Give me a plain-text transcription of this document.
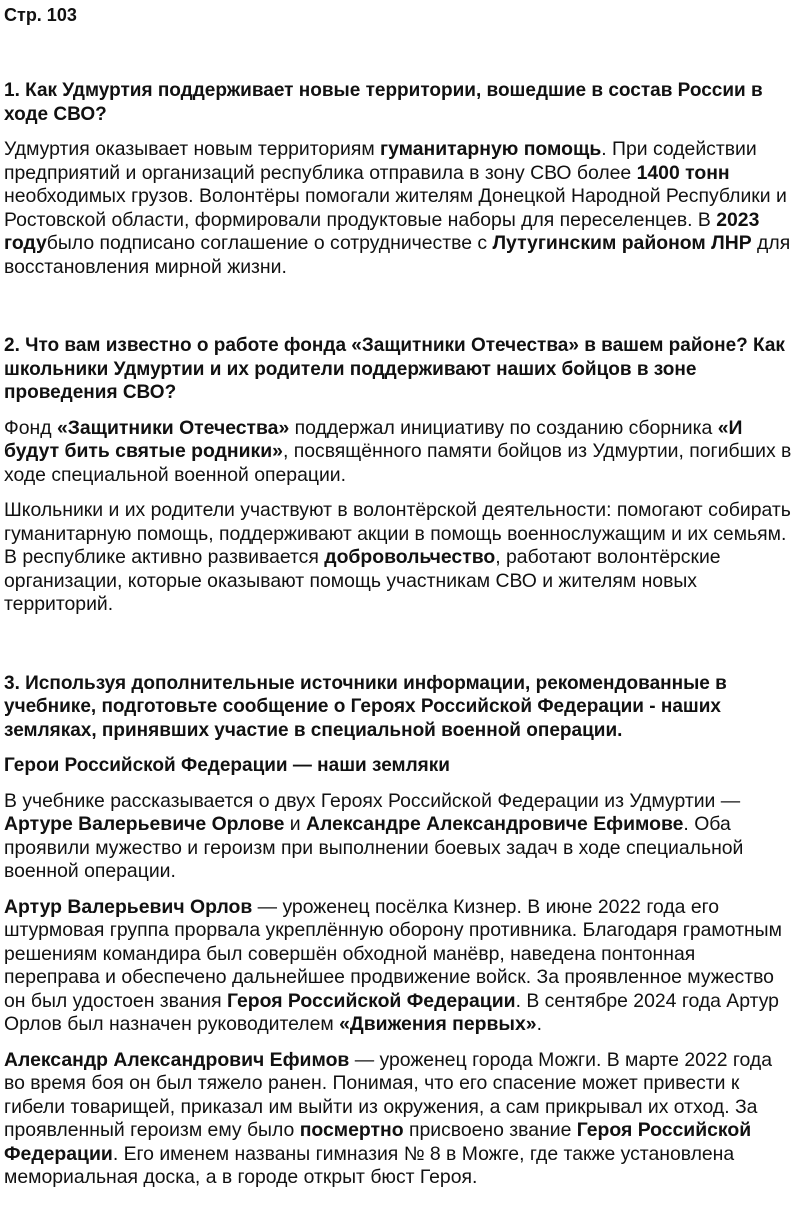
Стр. 103

1. Как Удмуртия поддерживает новые территории, вошедшие в состав России в ходе СВО?

Удмуртия оказывает новым территориям гуманитарную помощь. При содействии предприятий и организаций республика отправила в зону СВО более 1400 тонн необходимых грузов. Волонтёры помогали жителям Донецкой Народной Республики и Ростовской области, формировали продуктовые наборы для переселенцев. В 2023 годубыло подписано соглашение о сотрудничестве с Лутугинским районом ЛНР для восстановления мирной жизни.

2. Что вам известно о работе фонда «Защитники Отечества» в вашем районе? Как школьники Удмуртии и их родители поддерживают наших бойцов в зоне проведения СВО?

Фонд «Защитники Отечества» поддержал инициативу по созданию сборника «И будут бить святые родники», посвящённого памяти бойцов из Удмуртии, погибших в ходе специальной военной операции.

Школьники и их родители участвуют в волонтёрской деятельности: помогают собирать гуманитарную помощь, поддерживают акции в помощь военнослужащим и их семьям. В республике активно развивается добровольчество, работают волонтёрские организации, которые оказывают помощь участникам СВО и жителям новых территорий.

3. Используя дополнительные источники информации, рекомендованные в учебнике, подготовьте сообщение о Героях Российской Федерации - наших земляках, принявших участие в специальной военной операции.

Герои Российской Федерации — наши земляки

В учебнике рассказывается о двух Героях Российской Федерации из Удмуртии — Артуре Валерьевиче Орлове и Александре Александровиче Ефимове. Оба проявили мужество и героизм при выполнении боевых задач в ходе специальной военной операции.

Артур Валерьевич Орлов — уроженец посёлка Кизнер. В июне 2022 года его штурмовая группа прорвала укреплённую оборону противника. Благодаря грамотным решениям командира был совершён обходной манёвр, наведена понтонная переправа и обеспечено дальнейшее продвижение войск. За проявленное мужество он был удостоен звания Героя Российской Федерации. В сентябре 2024 года Артур Орлов был назначен руководителем «Движения первых».

Александр Александрович Ефимов — уроженец города Можги. В марте 2022 года во время боя он был тяжело ранен. Понимая, что его спасение может привести к гибели товарищей, приказал им выйти из окружения, а сам прикрывал их отход. За проявленный героизм ему было посмертно присвоено звание Героя Российской Федерации. Его именем названы гимназия № 8 в Можге, где также установлена мемориальная доска, а в городе открыт бюст Героя.
